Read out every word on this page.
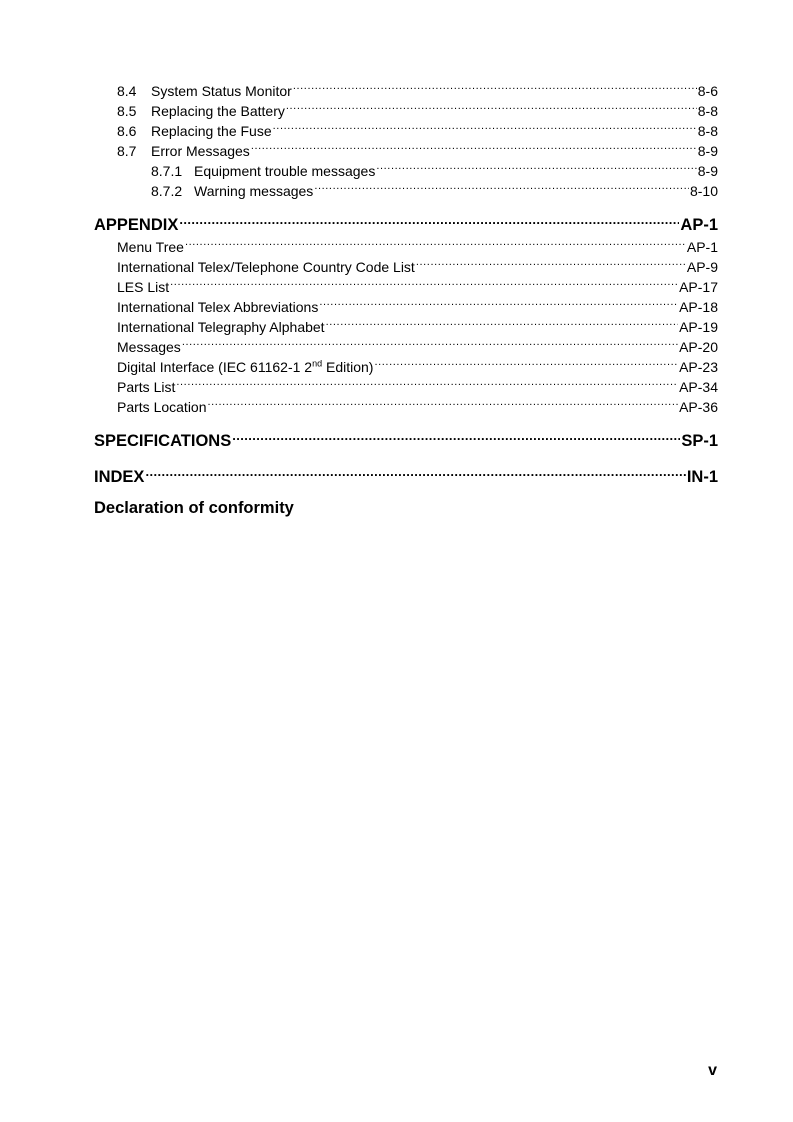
8.4	System Status Monitor .....	8-6
8.5	Replacing the Battery .....	8-8
8.6	Replacing the Fuse .....	8-8
8.7	Error Messages .....	8-9
8.7.1 Equipment trouble messages .....	8-9
8.7.2 Warning messages .....	8-10
APPENDIX .....	AP-1
Menu Tree .....	AP-1
International Telex/Telephone Country Code List .....	AP-9
LES List .....	AP-17
International Telex Abbreviations .....	AP-18
International Telegraphy Alphabet .....	AP-19
Messages .....	AP-20
Digital Interface (IEC 61162-1 2nd Edition) .....	AP-23
Parts List .....	AP-34
Parts Location .....	AP-36
SPECIFICATIONS .....	SP-1
INDEX .....	IN-1
Declaration of conformity
v
